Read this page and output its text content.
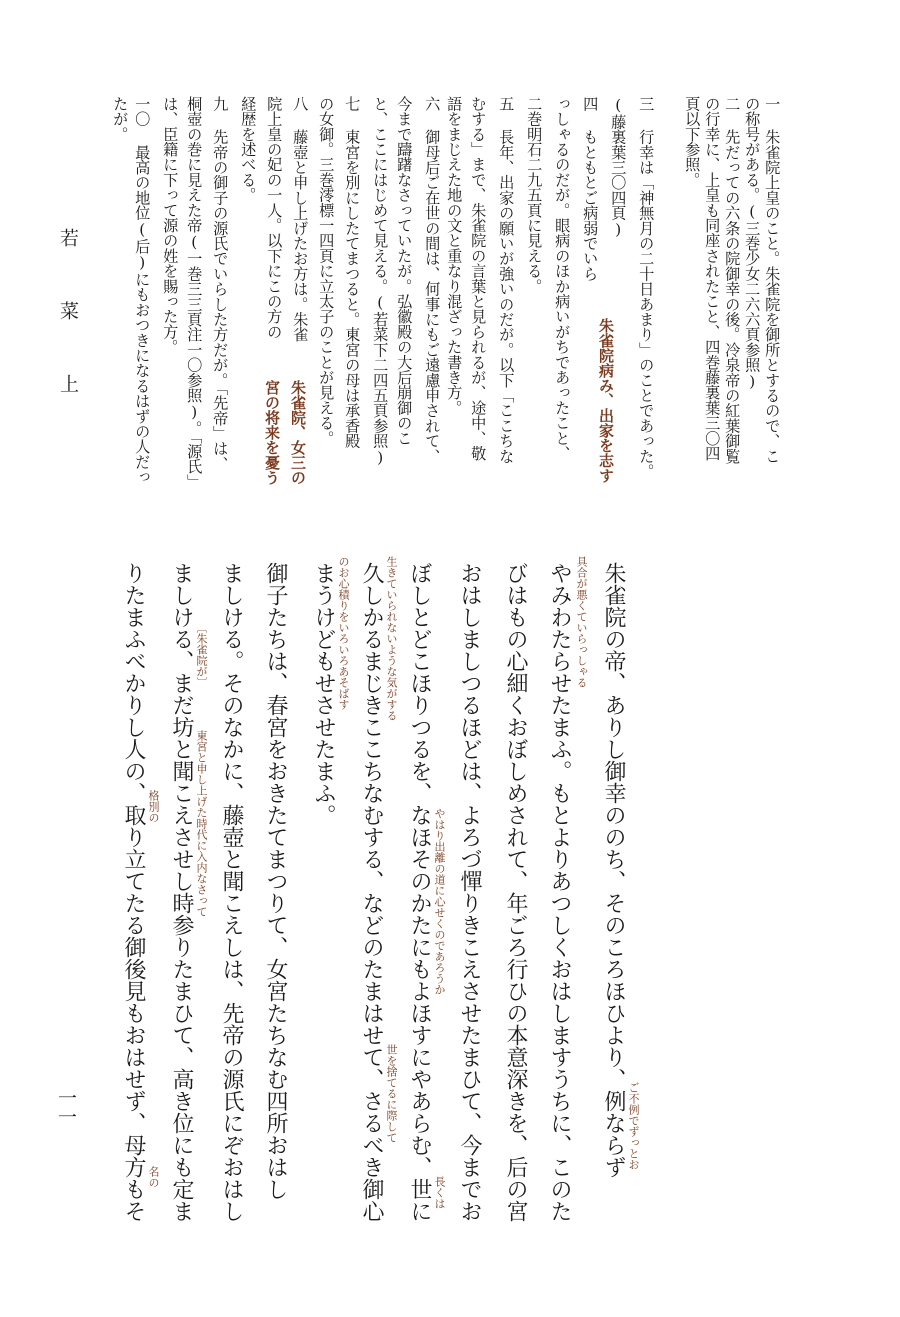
若 菜 上
一一
一 朱雀院上皇のこと。朱雀院を御所とするので、こ
の称号がある。(三巻少女二六六頁参照)
二 先だっての六条の院御幸の後。冷泉帝の紅葉御覧
の行幸に、上皇も同座されたこと、四巻藤裏葉三〇四
頁以下参照。
三 行幸は「神無月の二十日あまり」のことであった。
(藤裏葉三〇四頁)
四 もともとご病弱でいら
朱雀院病み、出家を志す
っしゃるのだが。眼病のほか病いがちであったこと、
二巻明石二九五頁に見える。
五 長年、出家の願いが強いのだが。以下「ここちな
むする」まで、朱雀院の言葉と見られるが、途中、敬
語をまじえた地の文と重なり混ざった書き方。
六 御母后ご在世の間は、何事にもご遠慮申されて、
今まで躊躇なさっていたが。弘徽殿の大后崩御のこ
と、ここにはじめて見える。(若菜下二四五頁参照)
七 東宮を別にしたてまつると。東宮の母は承香殿
の女御。三巻澪標一四頁に立太子のことが見える。
八 藤壺と申し上げたお方は。朱雀
院上皇の妃の一人。以下にこの方の
朱雀院、女三の
宮の将来を憂う
経歴を述べる。
九 先帝の御子の源氏でいらした方だが。「先帝」は、
桐壺の巻に見えた帝(一巻三三頁注一〇参照)。「源氏」
は、臣籍に下って源の姓を賜った方。
一〇 最高の地位(后)にもおつきになるはずの人だっ
たが。
朱雀院の帝、ありし御幸ののち、そのころほひより、例ならず
やみわたらせたまふ。もとよりあつしくおはしますうちに、このた
びはもの心細くおぼしめされて、年ごろ行ひの本意深きを、后の宮
おはしましつるほどは、よろづ憚りきこえさせたまひて、今までお
ぼしとどこほりつるを、なほそのかたにもよほすにやあらむ、世に
久しかるまじきここちなむする、などのたまはせて、さるべき御心
まうけどもせさせたまふ。
御子たちは、春宮をおきたてまつりて、女宮たちなむ四所おはし
ましける。そのなかに、藤壺と聞こえしは、先帝の源氏にぞおはし
ましける、まだ坊と聞こえさせし時参りたまひて、高き位にも定ま
りたまふべかりし人の、取り立てたる御後見もおはせず、母方もそ	ご不例でずっとお
具合が悪くていらっしゃる
やはり出離の道に心せくのであろうか
長くは
生きていられないような気がする
世を捨てるに際して
のお心積りをいろいろあそばす
東宮と申し上げた時代に入内なさって
〔朱雀院が〕
格別の
名の
